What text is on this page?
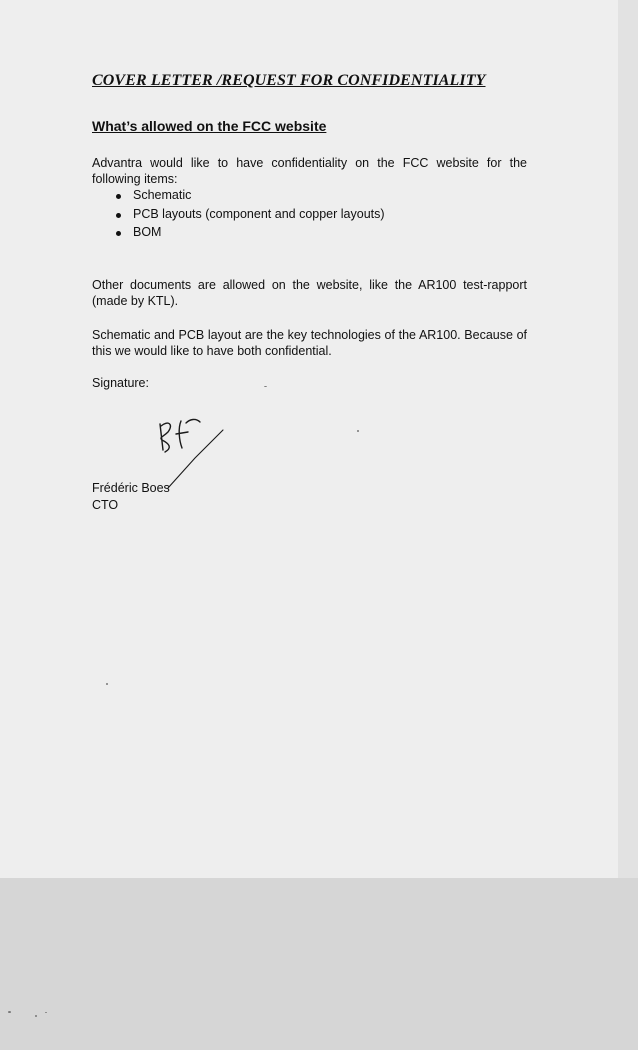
COVER LETTER /REQUEST FOR CONFIDENTIALITY
What’s allowed on the FCC website

Advantra would like to have confidentiality on the FCC website for the following items:

Schematic
PCB layouts (component and copper layouts)
BOM

Other documents are allowed on the website, like the AR100 test-rapport (made by KTL).

Schematic and PCB layout are the key technologies of the AR100. Because of this we would like to have both confidential.

Signature:

Frédéric Boes

CTO
